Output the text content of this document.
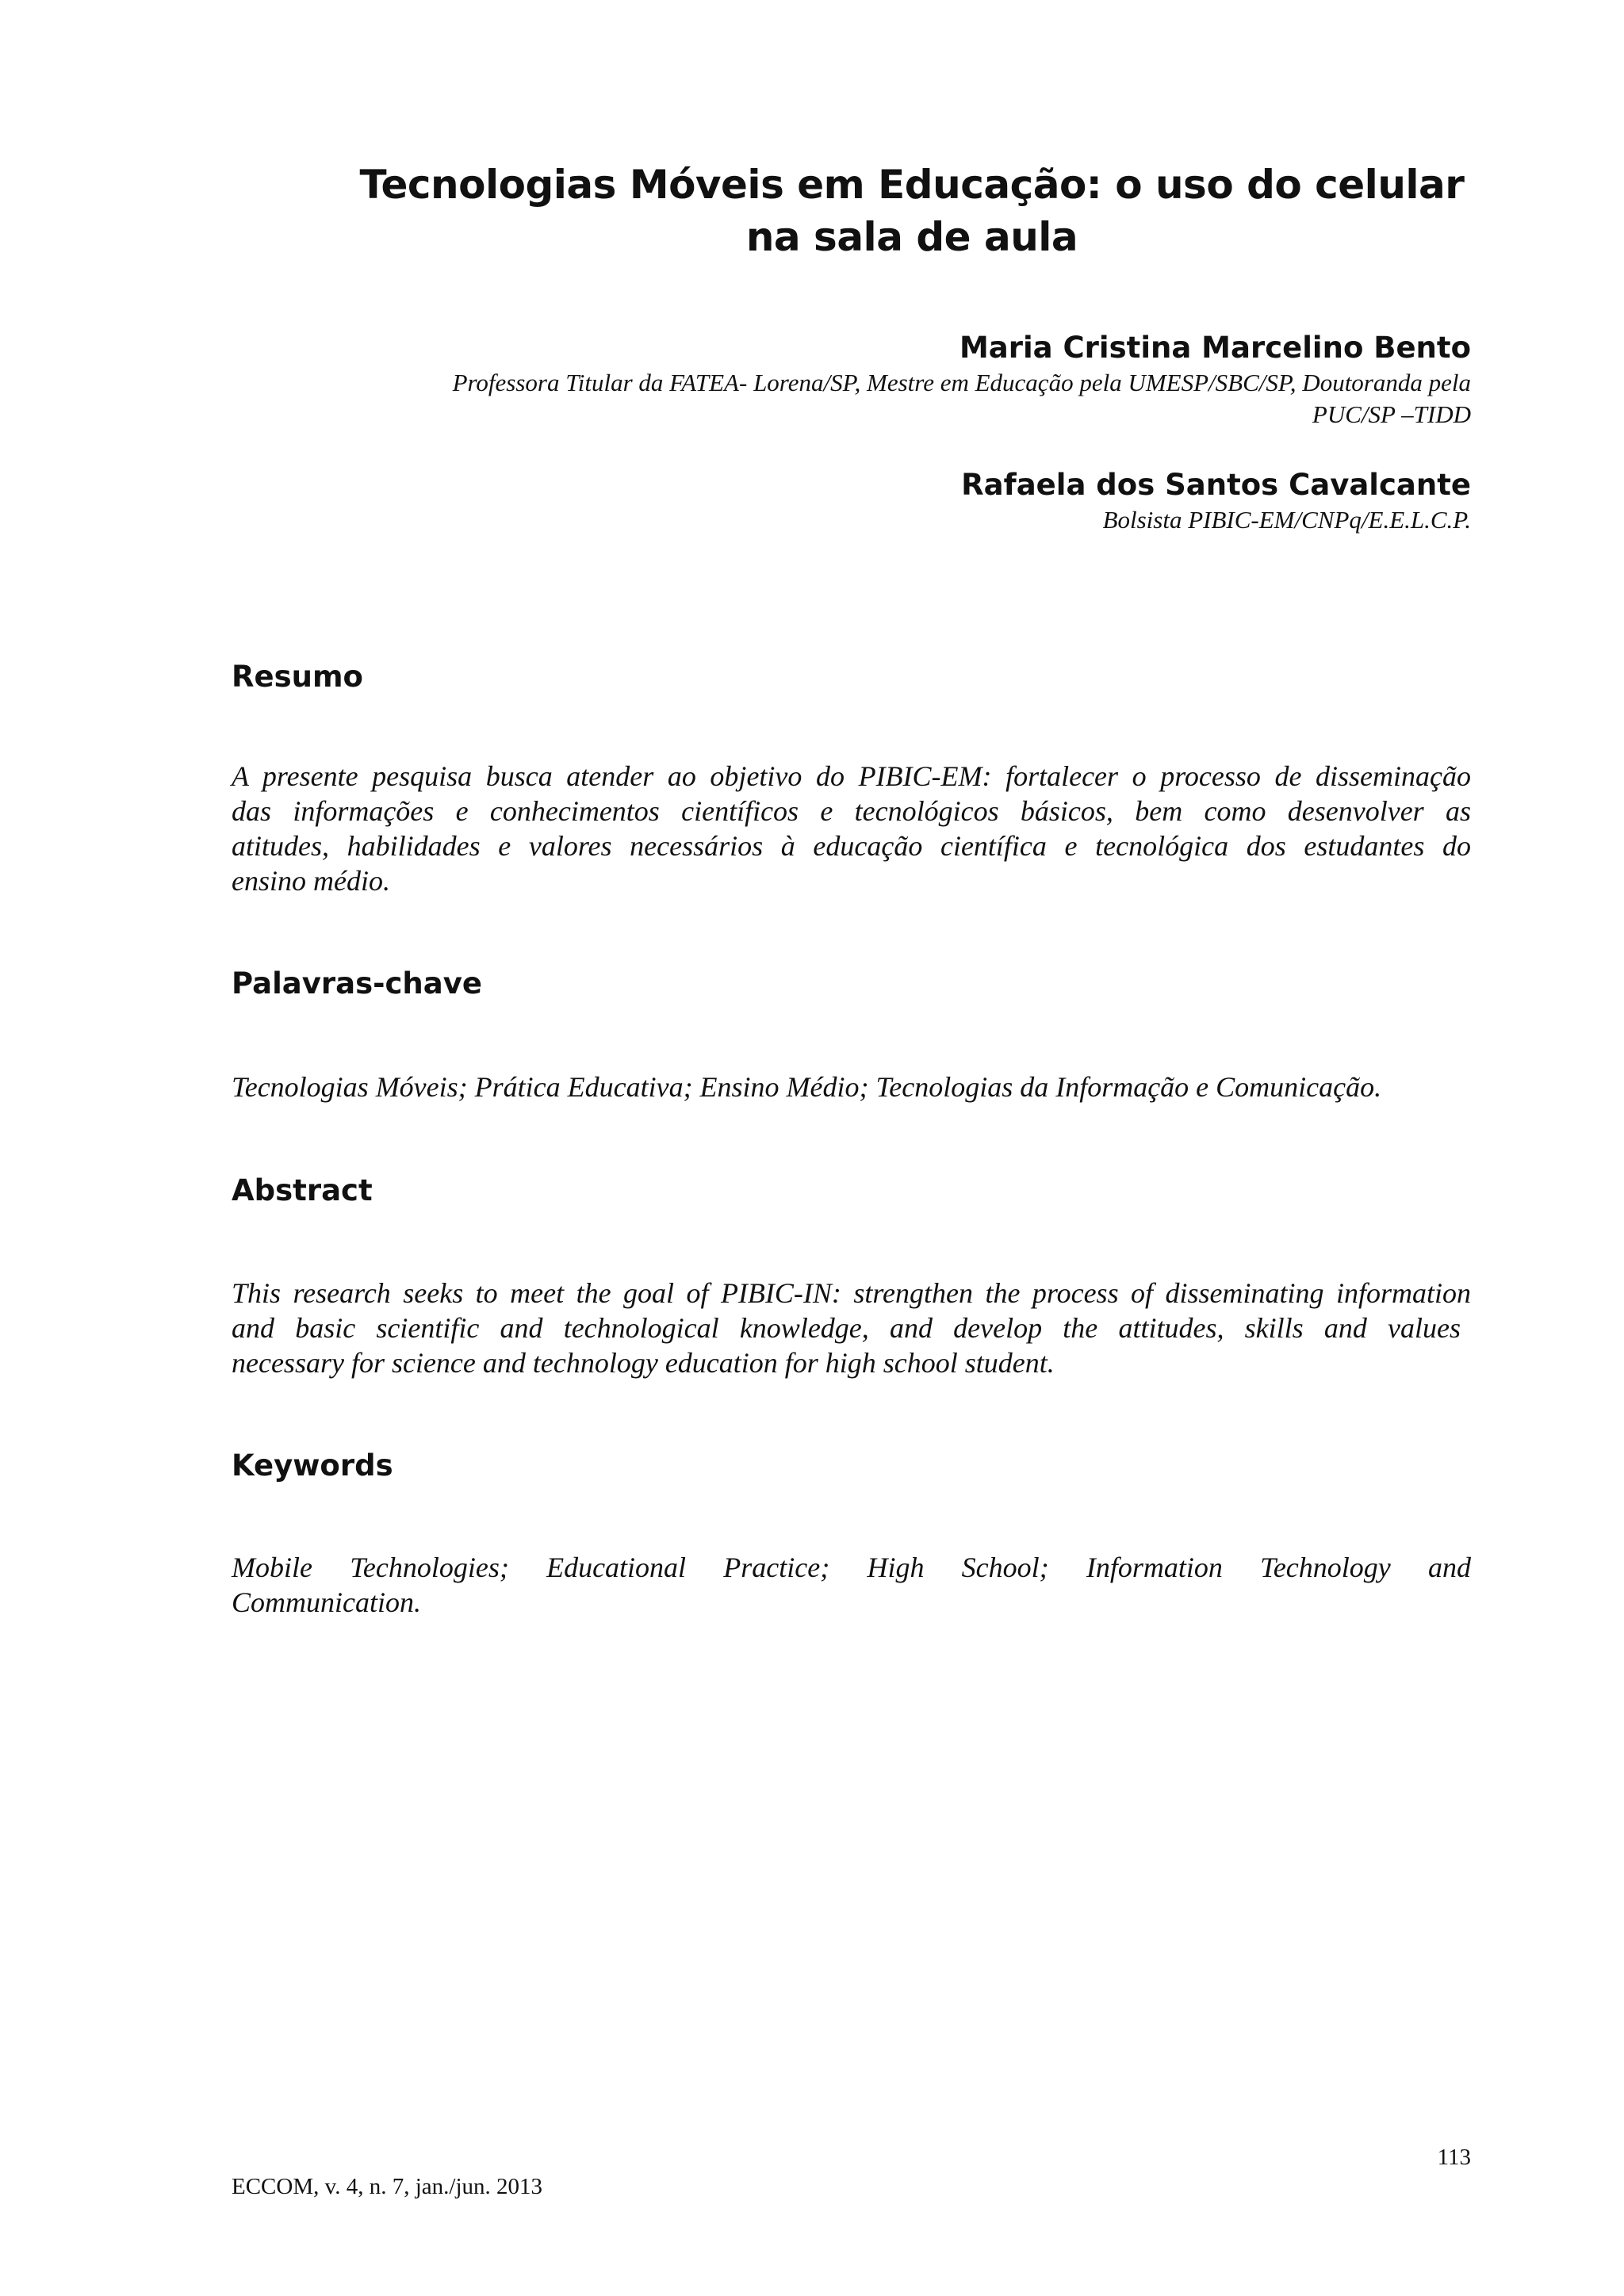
Tecnologias Móveis em Educação: o uso do celular
na sala de aula
Maria Cristina Marcelino Bento
Professora Titular da FATEA- Lorena/SP, Mestre em Educação pela UMESP/SBC/SP, Doutoranda pela
PUC/SP –TIDD
Rafaela dos Santos Cavalcante
Bolsista PIBIC-EM/CNPq/E.E.L.C.P.
Resumo
A presente pesquisa busca atender ao objetivo do PIBIC-EM: fortalecer o processo de disseminação
das informações e conhecimentos científicos e tecnológicos básicos, bem como desenvolver as
atitudes, habilidades e valores necessários à educação científica e tecnológica dos estudantes do
ensino médio.
Palavras-chave
Tecnologias Móveis; Prática Educativa; Ensino Médio; Tecnologias da Informação e Comunicação.
Abstract
This research seeks to meet the goal of PIBIC-IN: strengthen the process of disseminating information
and basic scientific and technological knowledge, and develop the attitudes, skills and values
necessary for science and technology education for high school student.
Keywords
Mobile Technologies; Educational Practice; High School; Information Technology and
Communication.
113
ECCOM, v. 4, n. 7, jan./jun. 2013
